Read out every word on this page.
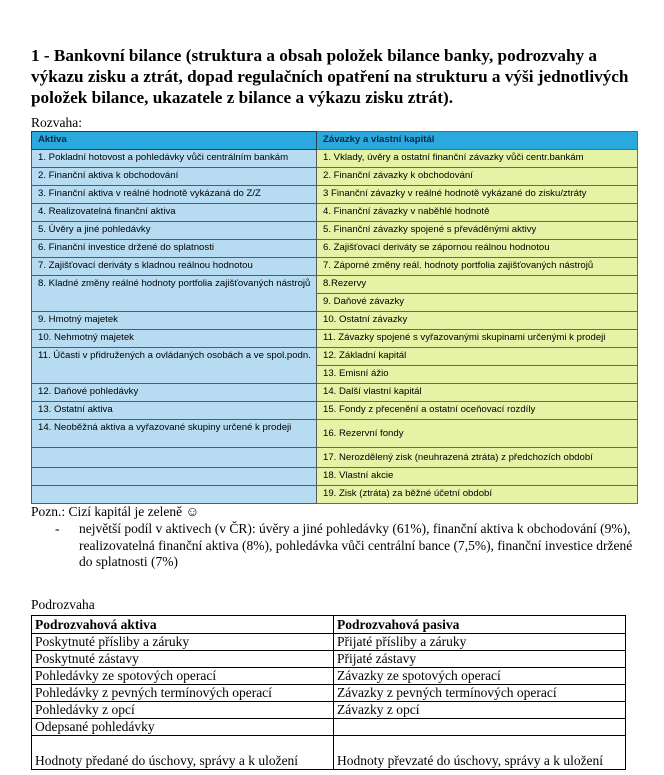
1 - Bankovní bilance (struktura a obsah položek bilance banky, podrozvahy a výkazu zisku a ztrát, dopad regulačních opatření na strukturu a výši jednotlivých položek bilance, ukazatele z bilance a výkazu zisku ztrát).
Rozvaha:
Aktiva	Závazky a vlastní kapitál
1. Pokladní hotovost a pohledávky vůči centrálním bankám	1. Vklady, úvěry a ostatní finanční závazky vůči centr.bankám
2. Finanční aktiva k obchodování	2. Finanční závazky k obchodování
3. Finanční aktiva v reálné hodnotě vykázaná do Z/Z	3 Finanční závazky v reálné hodnotě vykázané do zisku/ztráty
4. Realizovatelná finanční aktiva	4. Finanční závazky v naběhlé hodnotě
5. Úvěry a jiné pohledávky	5. Finanční závazky spojené s převáděnými aktivy
6. Finanční investice držené do splatnosti	6. Zajišťovací deriváty se zápornou reálnou hodnotou
7. Zajišťovací deriváty s kladnou reálnou hodnotou	7. Záporné změny reál. hodnoty portfolia zajišťovaných nástrojů
8. Kladné změny reálné hodnoty portfolia zajišťovaných nástrojů	8.Rezervy
	9. Daňové závazky
9. Hmotný majetek	10. Ostatní závazky
10. Nehmotný majetek	11. Závazky spojené s vyřazovanými skupinami určenými k prodeji
11. Účasti v přidružených a ovládaných osobách a ve spol.podn.	12. Základní kapitál
	13. Emisní ážio
12. Daňové pohledávky	14. Další vlastní kapitál
13. Ostatní aktiva	15. Fondy z přecenění a ostatní oceňovací rozdíly
14. Neoběžná aktiva a vyřazované skupiny určené k prodeji	16. Rezervní fondy
	17. Nerozdělený zisk (neuhrazená ztráta) z předchozích období
	18. Vlastní akcie
	19. Zisk (ztráta) za běžné účetní období
Pozn.: Cizí kapitál je zeleně ☺
- největší podíl v aktivech (v ČR): úvěry a jiné pohledávky (61%), finanční aktiva k obchodování (9%), realizovatelná finanční aktiva (8%), pohledávka vůči centrální bance (7,5%), finanční investice držené do splatnosti (7%)
Podrozvaha
Podrozvahová aktiva	Podrozvahová pasiva
Poskytnuté přísliby a záruky	Přijaté přísliby a záruky
Poskytnuté zástavy	Přijaté zástavy
Pohledávky ze spotových operací	Závazky ze spotových operací
Pohledávky z pevných termínových operací	Závazky z pevných termínových operací
Pohledávky z opcí	Závazky z opcí
Odepsané pohledávky	
Hodnoty předané do úschovy, správy a k uložení	Hodnoty převzaté do úschovy, správy a k uložení
